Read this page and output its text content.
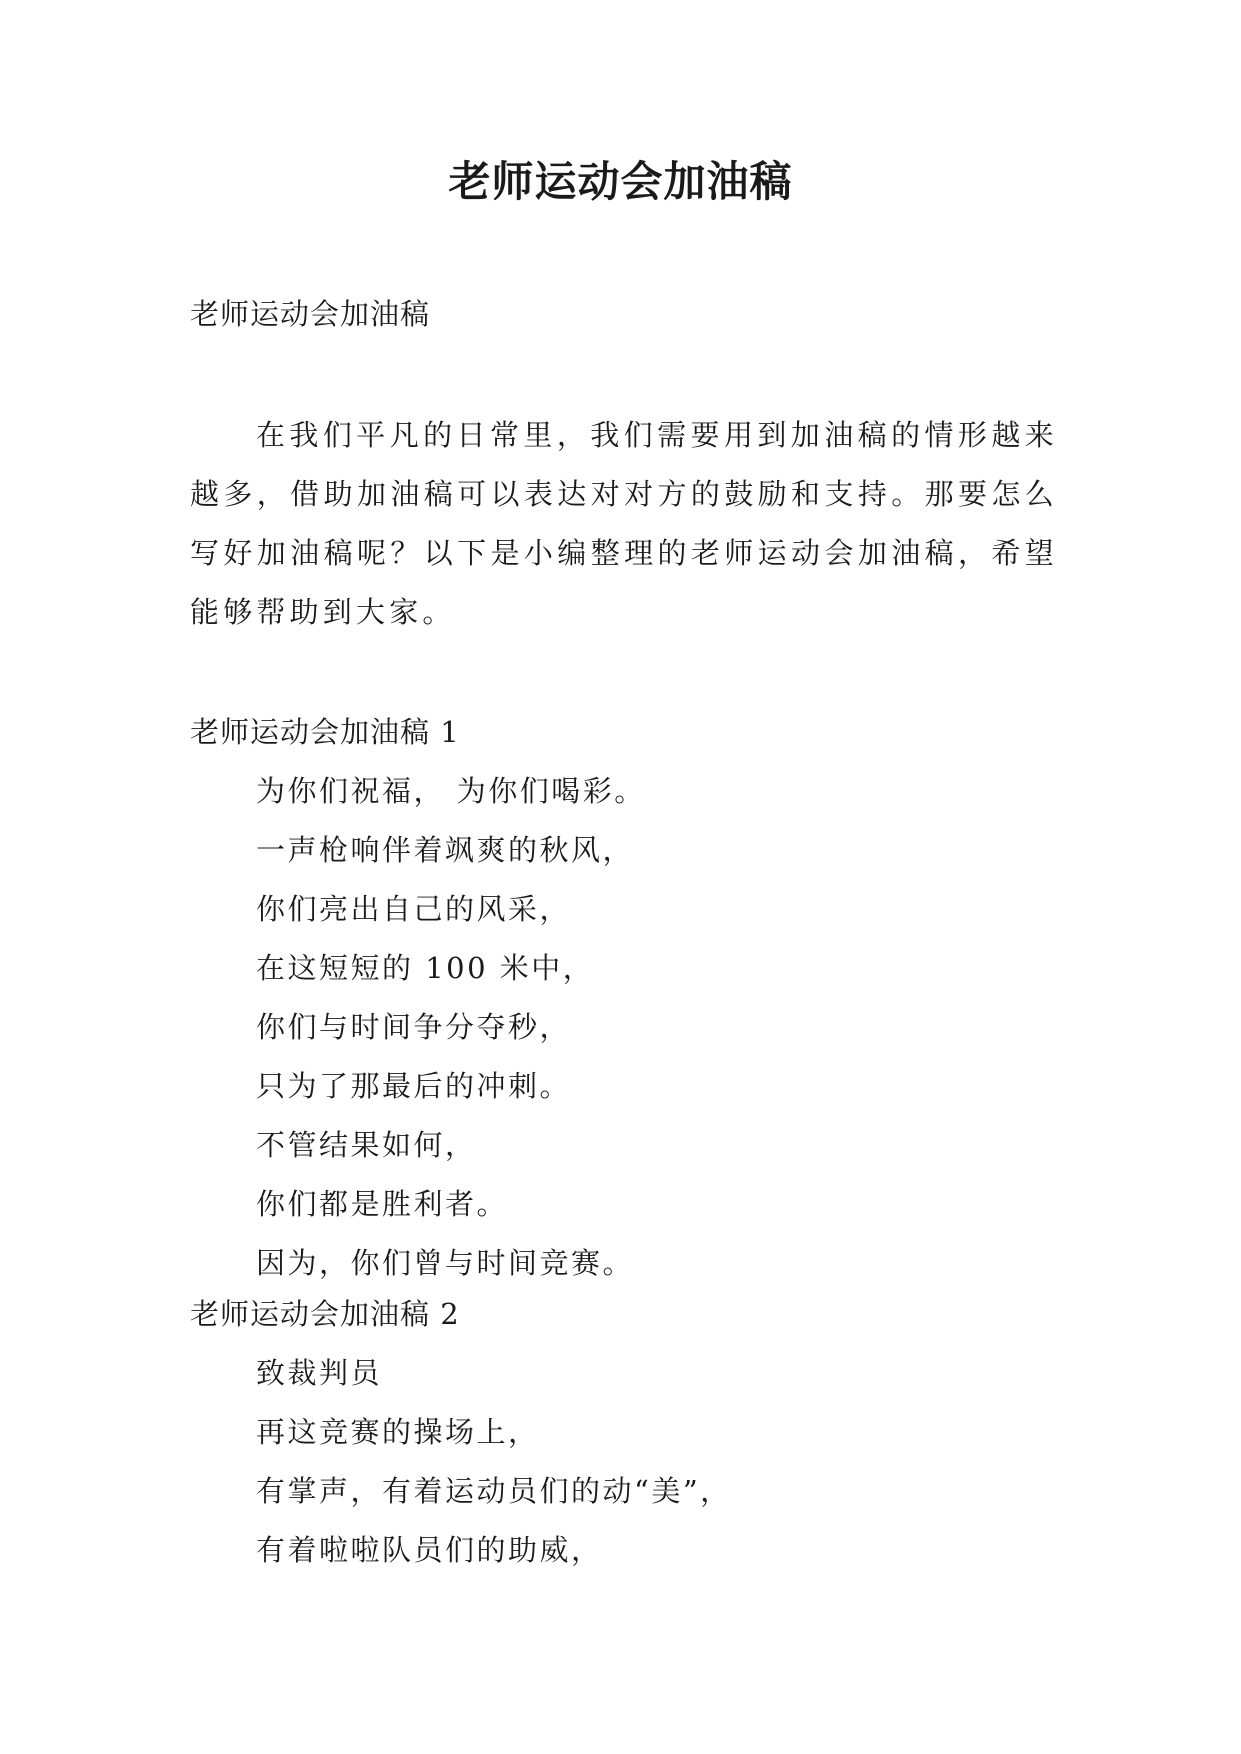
老师运动会加油稿
老师运动会加油稿

在我们平凡的日常里，我们需要用到加油稿的情形越来越多，借助加油稿可以表达对对方的鼓励和支持。那要怎么写好加油稿呢？以下是小编整理的老师运动会加油稿，希望能够帮助到大家。

老师运动会加油稿 1
为你们祝福， 为你们喝彩。
一声枪响伴着飒爽的秋风，
你们亮出自己的风采，
在这短短的 100 米中，
你们与时间争分夺秒，
只为了那最后的冲刺。
不管结果如何，
你们都是胜利者。
因为，你们曾与时间竞赛。
老师运动会加油稿 2
致裁判员
再这竞赛的操场上，
有掌声，有着运动员们的动“美”，
有着啦啦队员们的助威，
